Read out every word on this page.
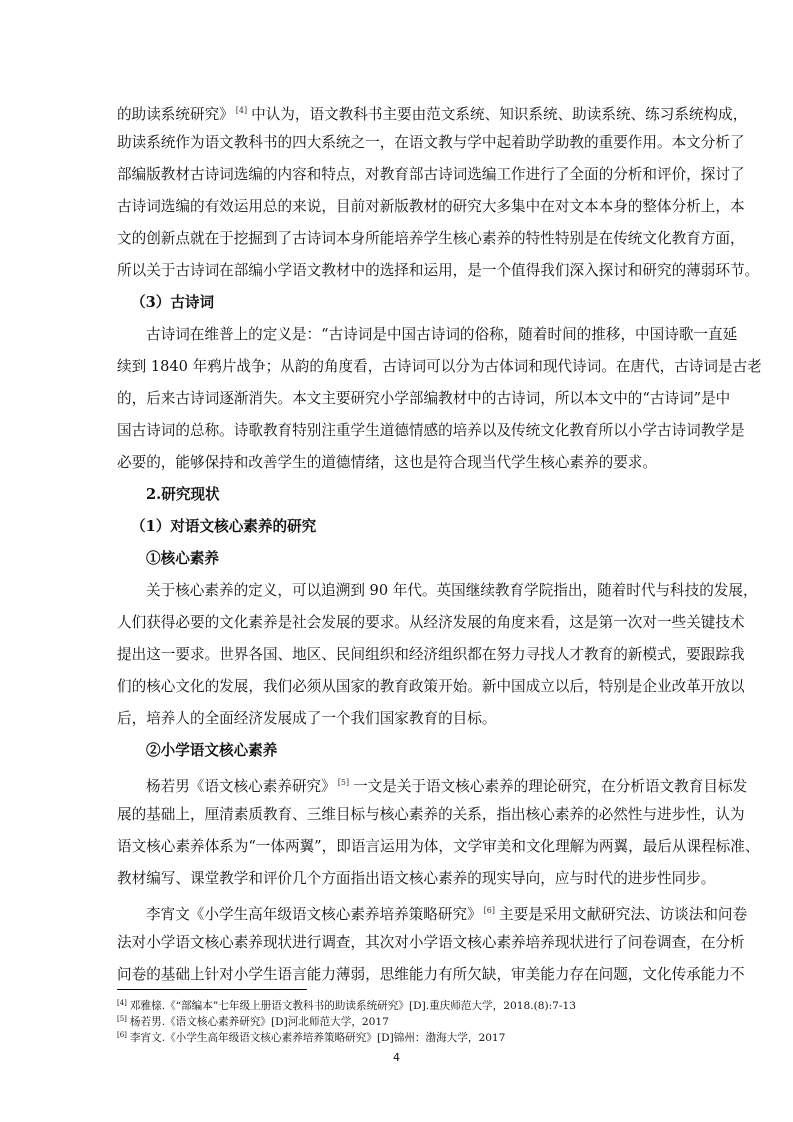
的助读系统研究》 [4] 中认为，语文教科书主要由范文系统、知识系统、助读系统、练习系统构成，
助读系统作为语文教科书的四大系统之一，在语文教与学中起着助学助教的重要作用。本文分析了
部编版教材古诗词选编的内容和特点，对教育部古诗词选编工作进行了全面的分析和评价，探讨了
古诗词选编的有效运用总的来说，目前对新版教材的研究大多集中在对文本本身的整体分析上，本
文的创新点就在于挖掘到了古诗词本身所能培养学生核心素养的特性特别是在传统文化教育方面，
所以关于古诗词在部编小学语文教材中的选择和运用，是一个值得我们深入探讨和研究的薄弱环节。
（3）古诗词
古诗词在维普上的定义是：“古诗词是中国古诗词的俗称，随着时间的推移，中国诗歌一直延
续到 1840 年鸦片战争；从韵的角度看，古诗词可以分为古体词和现代诗词。在唐代，古诗词是古老
的，后来古诗词逐渐消失。本文主要研究小学部编教材中的古诗词，所以本文中的“古诗词”是中
国古诗词的总称。诗歌教育特别注重学生道德情感的培养以及传统文化教育所以小学古诗词教学是
必要的，能够保持和改善学生的道德情绪，这也是符合现当代学生核心素养的要求。
2.研究现状
（1）对语文核心素养的研究
①核心素养
关于核心素养的定义，可以追溯到 90 年代。英国继续教育学院指出，随着时代与科技的发展，
人们获得必要的文化素养是社会发展的要求。从经济发展的角度来看，这是第一次对一些关键技术
提出这一要求。世界各国、地区、民间组织和经济组织都在努力寻找人才教育的新模式，要跟踪我
们的核心文化的发展，我们必须从国家的教育政策开始。新中国成立以后，特别是企业改革开放以
后，培养人的全面经济发展成了一个我们国家教育的目标。
②小学语文核心素养
杨若男《语文核心素养研究》 [5] 一文是关于语文核心素养的理论研究，在分析语文教育目标发
展的基础上，厘清素质教育、三维目标与核心素养的关系，指出核心素养的必然性与进步性，认为
语文核心素养体系为“一体两翼”，即语言运用为体，文学审美和文化理解为两翼，最后从课程标准、
教材编写、课堂教学和评价几个方面指出语文核心素养的现实导向，应与时代的进步性同步。
李宵文《小学生高年级语文核心素养培养策略研究》 [6] 主要是采用文献研究法、访谈法和问卷
法对小学语文核心素养现状进行调查，其次对小学语文核心素养培养现状进行了问卷调查，在分析
问卷的基础上针对小学生语言能力薄弱，思维能力有所欠缺，审美能力存在问题，文化传承能力不
[4] 邓雅榇.《“部编本”七年级上册语文教科书的助读系统研究》[D].重庆师范大学，2018.(8):7-13
[5] 杨若男.《语文核心素养研究》[D]河北师范大学，2017
[6] 李宵文.《小学生高年级语文核心素养培养策略研究》[D]锦州：渤海大学，2017
4
